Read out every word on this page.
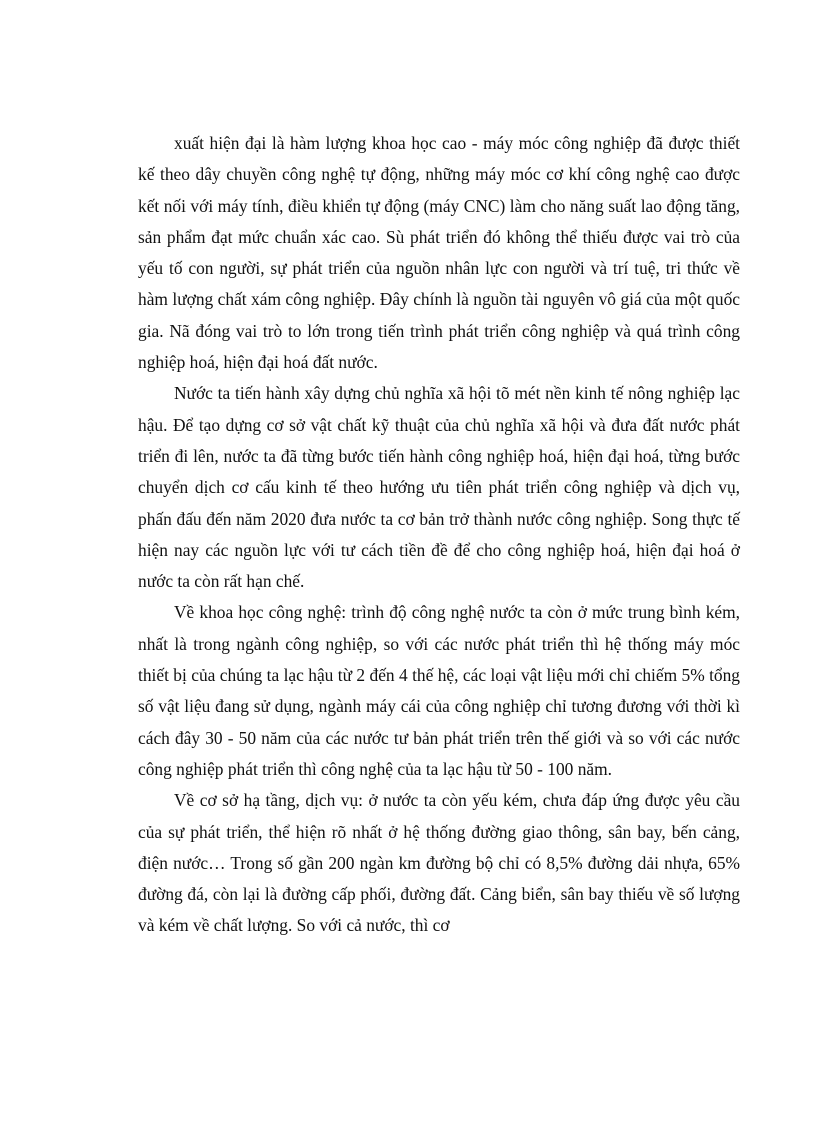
xuất hiện đại là hàm lượng khoa học cao - máy móc công nghiệp đã được thiết kế theo dây chuyền công nghệ tự động, những máy móc cơ khí công nghệ cao được kết nối với máy tính, điều khiển tự động (máy CNC) làm cho năng suất lao động tăng, sản phẩm đạt mức chuẩn xác cao. Sù phát triển đó không thể thiếu được vai trò của yếu tố con người, sự phát triển của nguồn nhân lực con người và trí tuệ, tri thức về hàm lượng chất xám công nghiệp. Đây chính là nguồn tài nguyên vô giá của một quốc gia. Nã đóng vai trò to lớn trong tiến trình phát triển công nghiệp và quá trình công nghiệp hoá, hiện đại hoá đất nước.

Nước ta tiến hành xây dựng chủ nghĩa xã hội tõ mét nền kinh tế nông nghiệp lạc hậu. Để tạo dựng cơ sở vật chất kỹ thuật của chủ nghĩa xã hội và đưa đất nước phát triển đi lên, nước ta đã từng bước tiến hành công nghiệp hoá, hiện đại hoá, từng bước chuyển dịch cơ cấu kinh tế theo hướng ưu tiên phát triển công nghiệp và dịch vụ, phấn đấu đến năm 2020 đưa nước ta cơ bản trở thành nước công nghiệp. Song thực tế hiện nay các nguồn lực với tư cách tiền đề để cho công nghiệp hoá, hiện đại hoá ở nước ta còn rất hạn chế.

Về khoa học công nghệ: trình độ công nghệ nước ta còn ở mức trung bình kém, nhất là trong ngành công nghiệp, so với các nước phát triển thì hệ thống máy móc thiết bị của chúng ta lạc hậu từ 2 đến 4 thế hệ, các loại vật liệu mới chỉ chiếm 5% tổng số vật liệu đang sử dụng, ngành máy cái của công nghiệp chỉ tương đương với thời kì cách đây 30 - 50 năm của các nước tư bản phát triển trên thế giới và so với các nước công nghiệp phát triển thì công nghệ của ta lạc hậu từ 50 - 100 năm.

Về cơ sở hạ tầng, dịch vụ: ở nước ta còn yếu kém, chưa đáp ứng được yêu cầu của sự phát triển, thể hiện rõ nhất ở hệ thống đường giao thông, sân bay, bến cảng, điện nước… Trong số gần 200 ngàn km đường bộ chỉ có 8,5% đường dải nhựa, 65% đường đá, còn lại là đường cấp phối, đường đất. Cảng biển, sân bay thiếu về số lượng và kém về chất lượng. So với cả nước, thì cơ
